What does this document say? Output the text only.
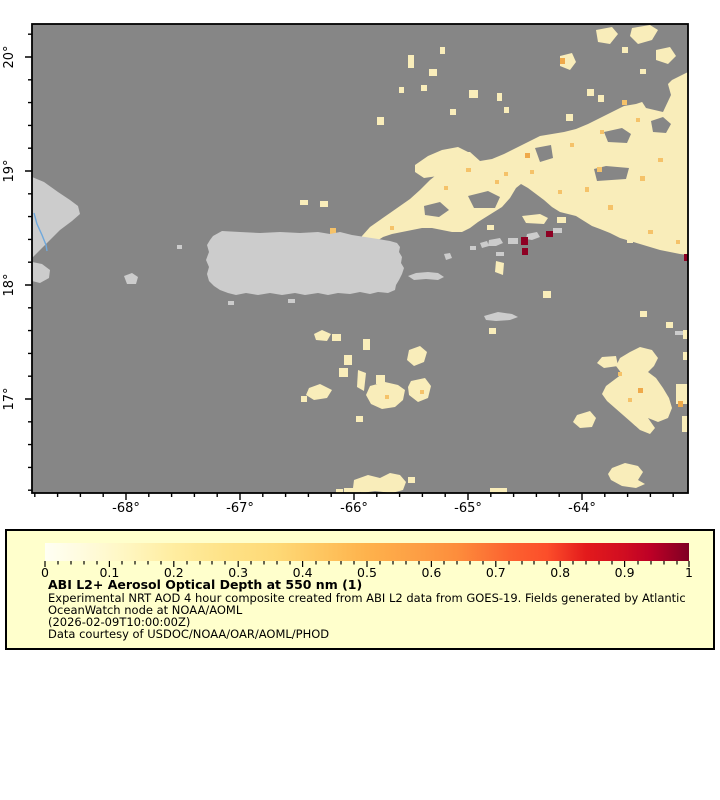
20°
19°
18°
17°
-68°	-67°	-66°	-65°	-64°
0	0.1	0.2	0.3	0.4	0.5	0.6	0.7	0.8	0.9	1
ABI L2+ Aerosol Optical Depth at 550 nm (1)
Experimental NRT AOD 4 hour composite created from ABI L2 data from GOES-19. Fields generated by Atlantic
OceanWatch node at NOAA/AOML
(2026-02-09T10:00:00Z)
Data courtesy of USDOC/NOAA/OAR/AOML/PHOD
